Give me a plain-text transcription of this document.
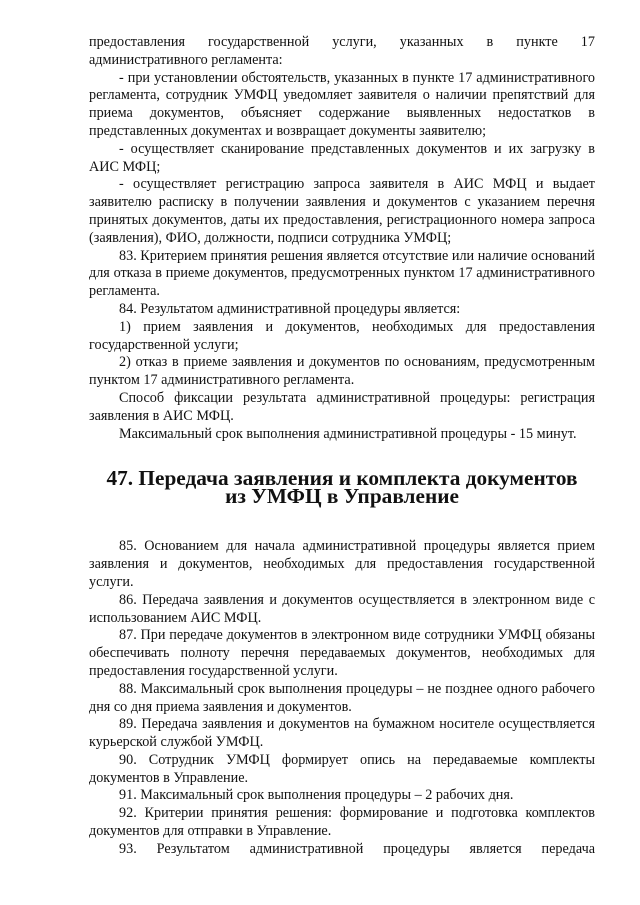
предоставления государственной услуги, указанных в пункте 17 административного регламента:

- при установлении обстоятельств, указанных в пункте 17 административного регламента, сотрудник УМФЦ уведомляет заявителя о наличии препятствий для приема документов, объясняет содержание выявленных недостатков в представленных документах и возвращает документы заявителю;

- осуществляет сканирование представленных документов и их загрузку в АИС МФЦ;

- осуществляет регистрацию запроса заявителя в АИС МФЦ и выдает заявителю расписку в получении заявления и документов с указанием перечня принятых документов, даты их предоставления, регистрационного номера запроса (заявления), ФИО, должности, подписи сотрудника УМФЦ;

83. Критерием принятия решения является отсутствие или наличие оснований для отказа в приеме документов, предусмотренных пунктом 17 административного регламента.

84. Результатом административной процедуры является:

1) прием заявления и документов, необходимых для предоставления государственной услуги;

2) отказ в приеме заявления и документов по основаниям, предусмотренным пунктом 17 административного регламента.

Способ фиксации результата административной процедуры: регистрация заявления в АИС МФЦ.

Максимальный срок выполнения административной процедуры - 15 минут.

47. Передача заявления и комплекта документов
из УМФЦ в Управление

85. Основанием для начала административной процедуры является прием заявления и документов, необходимых для предоставления государственной услуги.

86. Передача заявления и документов осуществляется в электронном виде с использованием АИС МФЦ.

87. При передаче документов в электронном виде сотрудники УМФЦ обязаны обеспечивать полноту перечня передаваемых документов, необходимых для предоставления государственной услуги.

88. Максимальный срок выполнения процедуры – не позднее одного рабочего дня со дня приема заявления и документов.

89. Передача заявления и документов на бумажном носителе осуществляется курьерской службой УМФЦ.

90. Сотрудник УМФЦ формирует опись на передаваемые комплекты документов в Управление.

91. Максимальный срок выполнения процедуры – 2 рабочих дня.

92. Критерии принятия решения: формирование и подготовка комплектов документов для отправки в Управление.

93. Результатом административной процедуры является передача
